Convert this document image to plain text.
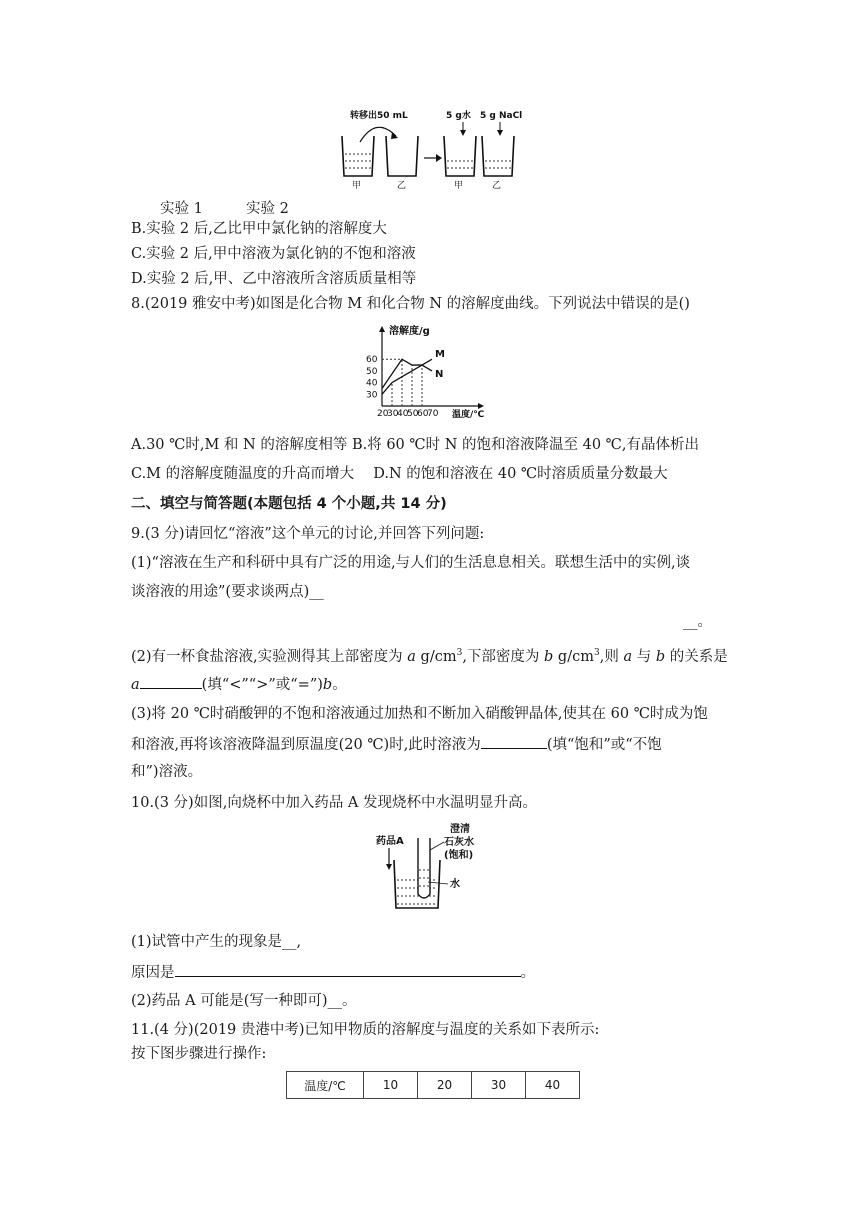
转移出50 mL	5 g水 5 g NaCl
甲	乙	甲	乙
实验 1	实验 2
B.实验 2 后,乙比甲中氯化钠的溶解度大
C.实验 2 后,甲中溶液为氯化钠的不饱和溶液
D.实验 2 后,甲、乙中溶液所含溶质质量相等
8.(2019 雅安中考)如图是化合物 M 和化合物 N 的溶解度曲线。下列说法中错误的是()
M
N
20
30
40
50
60
70
30
40
50
60
溶解度/g
温度/℃
A.30 ℃时,M 和 N 的溶解度相等 B.将 60 ℃时 N 的饱和溶液降温至 40 ℃,有晶体析出
C.M 的溶解度随温度的升高而增大　 D.N 的饱和溶液在 40 ℃时溶质质量分数最大
二、填空与简答题(本题包括 4 个小题,共 14 分)
9.(3 分)请回忆“溶液”这个单元的讨论,并回答下列问题:
(1)“溶液在生产和科研中具有广泛的用途,与人们的生活息息相关。联想生活中的实例,谈
谈溶液的用途”(要求谈两点)__
__。
(2)有一杯食盐溶液,实验测得其上部密度为 a $g/cm^3$,下部密度为 b $g/cm^3$,则 a 与 b 的关系是
a	(填“<”“>”或“=”)b。
(3)将 20 ℃时硝酸钾的不饱和溶液通过加热和不断加入硝酸钾晶体,使其在 60 ℃时成为饱
和溶液,再将该溶液降温到原温度(20 ℃)时,此时溶液为	(填“饱和”或“不饱
和”)溶液。
10.(3 分)如图,向烧杯中加入药品 A 发现烧杯中水温明显升高。
药品A
澄清
石灰水
(饱和)
水
(1)试管中产生的现象是__,
原因是	。
(2)药品 A 可能是(写一种即可)__。
11.(4 分)(2019 贵港中考)已知甲物质的溶解度与温度的关系如下表所示:
按下图步骤进行操作:
温度/℃	10	20	30	40
